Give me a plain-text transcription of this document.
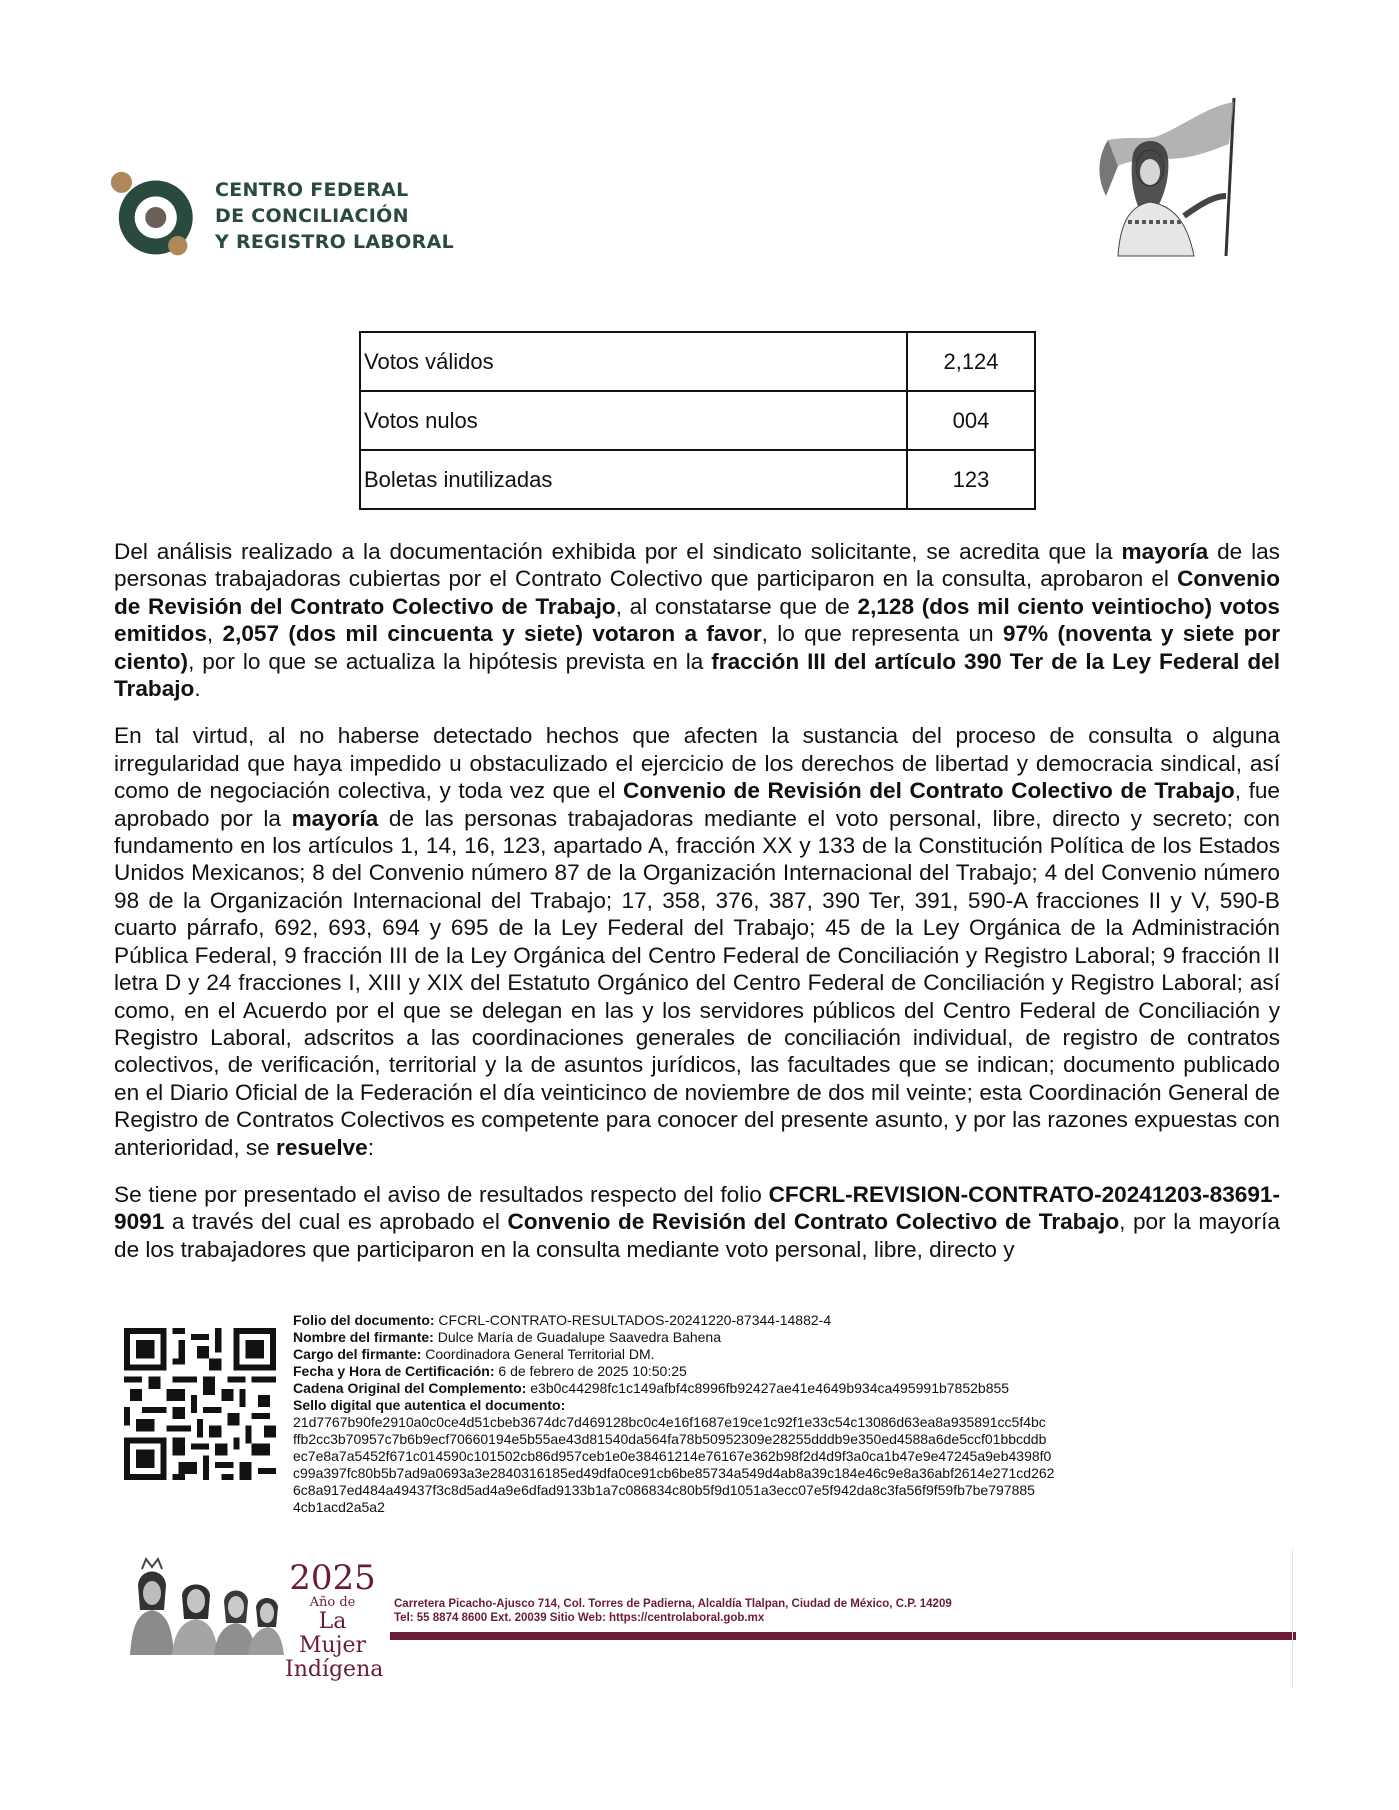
CENTRO FEDERAL
DE CONCILIACIÓN
Y REGISTRO LABORAL
Votos válidos	2,124
Votos nulos	004
Boletas inutilizadas	123

Del análisis realizado a la documentación exhibida por el sindicato solicitante, se acredita que la mayoría de las personas trabajadoras cubiertas por el Contrato Colectivo que participaron en la consulta, aprobaron el Convenio de Revisión del Contrato Colectivo de Trabajo, al constatarse que de 2,128 (dos mil ciento veintiocho) votos emitidos, 2,057 (dos mil cincuenta y siete) votaron a favor, lo que representa un 97% (noventa y siete por ciento), por lo que se actualiza la hipótesis prevista en la fracción III del artículo 390 Ter de la Ley Federal del Trabajo.

En tal virtud, al no haberse detectado hechos que afecten la sustancia del proceso de consulta o alguna irregularidad que haya impedido u obstaculizado el ejercicio de los derechos de libertad y democracia sindical, así como de negociación colectiva, y toda vez que el Convenio de Revisión del Contrato Colectivo de Trabajo, fue aprobado por la mayoría de las personas trabajadoras mediante el voto personal, libre, directo y secreto; con fundamento en los artículos 1, 14, 16, 123, apartado A, fracción XX y 133 de la Constitución Política de los Estados Unidos Mexicanos; 8 del Convenio número 87 de la Organización Internacional del Trabajo; 4 del Convenio número 98 de la Organización Internacional del Trabajo; 17, 358, 376, 387, 390 Ter, 391, 590-A fracciones II y V, 590-B cuarto párrafo, 692, 693, 694 y 695 de la Ley Federal del Trabajo; 45 de la Ley Orgánica de la Administración Pública Federal, 9 fracción III de la Ley Orgánica del Centro Federal de Conciliación y Registro Laboral; 9 fracción II letra D y 24 fracciones I, XIII y XIX del Estatuto Orgánico del Centro Federal de Conciliación y Registro Laboral; así como, en el Acuerdo por el que se delegan en las y los servidores públicos del Centro Federal de Conciliación y Registro Laboral, adscritos a las coordinaciones generales de conciliación individual, de registro de contratos colectivos, de verificación, territorial y la de asuntos jurídicos, las facultades que se indican; documento publicado en el Diario Oficial de la Federación el día veinticinco de noviembre de dos mil veinte; esta Coordinación General de Registro de Contratos Colectivos es competente para conocer del presente asunto, y por las razones expuestas con anterioridad, se resuelve:

Se tiene por presentado el aviso de resultados respecto del folio CFCRL-REVISION-CONTRATO-20241203-83691-9091 a través del cual es aprobado el Convenio de Revisión del Contrato Colectivo de Trabajo, por la mayoría de los trabajadores que participaron en la consulta mediante voto personal, libre, directo y

Folio del documento: CFCRL-CONTRATO-RESULTADOS-20241220-87344-14882-4
Nombre del firmante: Dulce María de Guadalupe Saavedra Bahena
Cargo del firmante: Coordinadora General Territorial DM.
Fecha y Hora de Certificación: 6 de febrero de 2025 10:50:25
Cadena Original del Complemento: e3b0c44298fc1c149afbf4c8996fb92427ae41e4649b934ca495991b7852b855
Sello digital que autentica el documento:
21d7767b90fe2910a0c0ce4d51cbeb3674dc7d469128bc0c4e16f1687e19ce1c92f1e33c54c13086d63ea8a935891cc5f4bc
ffb2cc3b70957c7b6b9ecf70660194e5b55ae43d81540da564fa78b50952309e28255dddb9e350ed4588a6de5ccf01bbcddb
ec7e8a7a5452f671c014590c101502cb86d957ceb1e0e38461214e76167e362b98f2d4d9f3a0ca1b47e9e47245a9eb4398f0
c99a397fc80b5b7ad9a0693a3e2840316185ed49dfa0ce91cb6be85734a549d4ab8a39c184e46c9e8a36abf2614e271cd262
6c8a917ed484a49437f3c8d5ad4a9e6dfad9133b1a7c086834c80b5f9d1051a3ecc07e5f942da8c3fa56f9f59fb7be797885
4cb1acd2a5a2
2025
Año de
La Mujer
Indígena
Carretera Picacho-Ajusco 714, Col. Torres de Padierna, Alcaldía Tlalpan, Ciudad de México, C.P. 14209
Tel: 55 8874 8600 Ext. 20039 Sitio Web: https://centrolaboral.gob.mx
